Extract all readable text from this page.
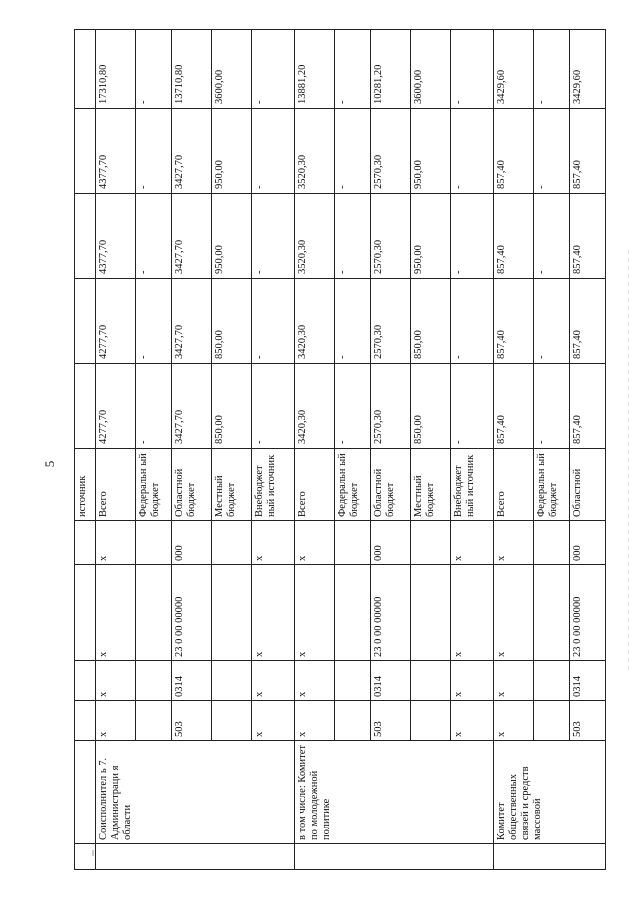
5
						источник					
	Соисполнител ь 7. Администраци я области	х	х	х	х	Всего	4277,70	4277,70	4377,70	4377,70	17310,80
						Федеральн ый бюджет	-	-	-	-	-
		503	0314	23 0 00 00000	000	Областной бюджет	3427,70	3427,70	3427,70	3427,70	13710,80
						Местный бюджет	850,00	850,00	950,00	950,00	3600,00
		х	х	х	х	Внебюджет ный источник	-	-	-	-	-
	в том числе: Комитет по молодежной политике	х	х	х	х	Всего	3420,30	3420,30	3520,30	3520,30	13881,20
						Федеральн ый бюджет	-	-	-	-	-
		503	0314	23 0 00 00000	000	Областной бюджет	2570,30	2570,30	2570,30	2570,30	10281,20
						Местный бюджет	850,00	850,00	950,00	950,00	3600,00
		х	х	х	х	Внебюджет ный источник	-	-	-	-	-
	Комитет общественных связей и средств массовой	х	х	х	х	Всего	857,40	857,40	857,40	857,40	3429,60
						Федеральн ый бюджет	-	-	-	-	-
		503	0314	23 0 00 00000	000	Областной	857,40	857,40	857,40	857,40	3429,60
